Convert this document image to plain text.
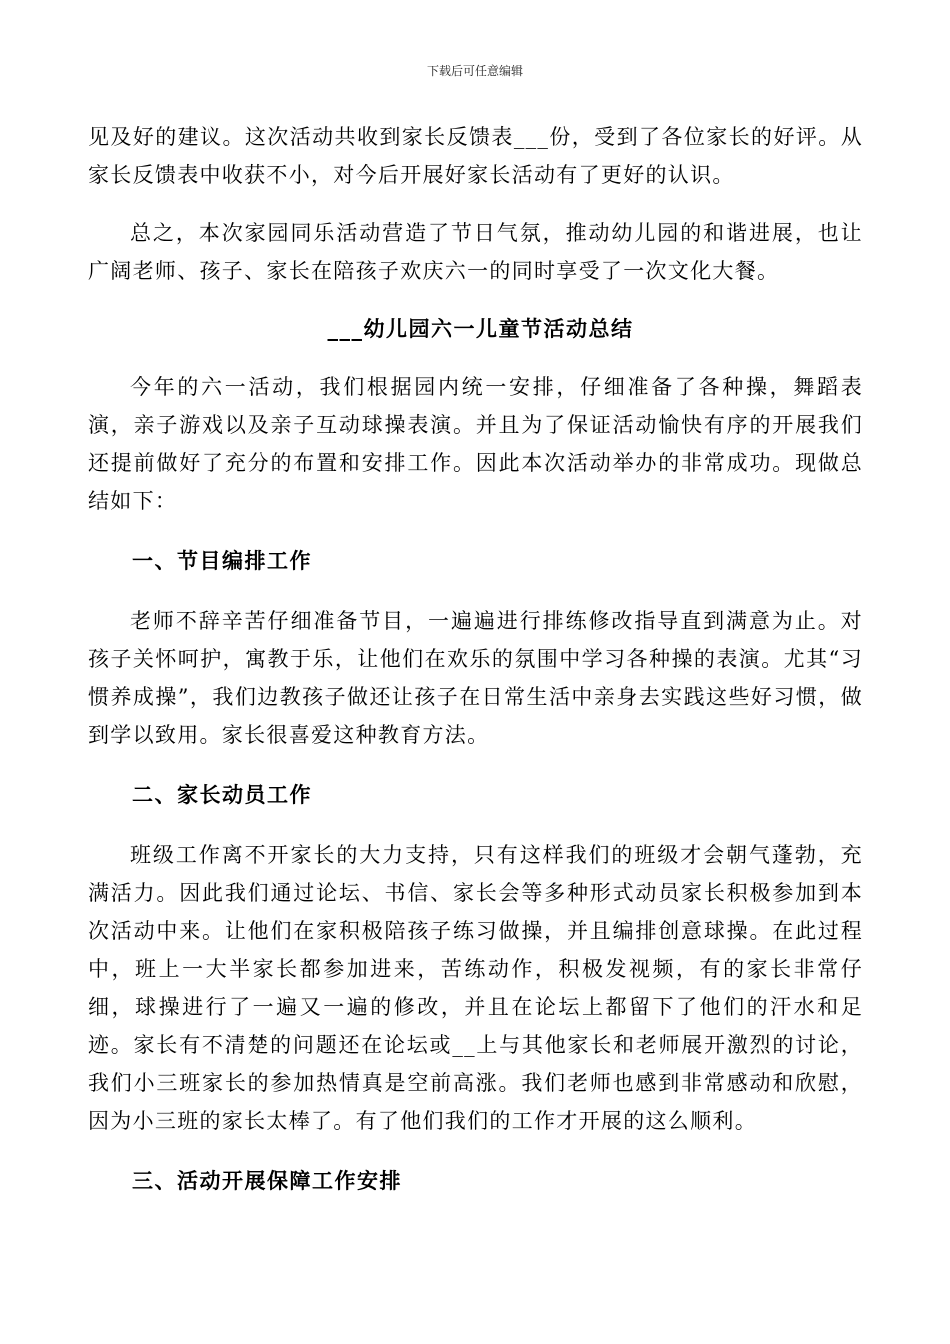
下载后可任意编辑

见及好的建议。这次活动共收到家长反馈表___份，受到了各位家长的好评。从家长反馈表中收获不小，对今后开展好家长活动有了更好的认识。

总之，本次家园同乐活动营造了节日气氛，推动幼儿园的和谐进展，也让广阔老师、孩子、家长在陪孩子欢庆六一的同时享受了一次文化大餐。

___幼儿园六一儿童节活动总结

今年的六一活动，我们根据园内统一安排，仔细准备了各种操，舞蹈表演，亲子游戏以及亲子互动球操表演。并且为了保证活动愉快有序的开展我们还提前做好了充分的布置和安排工作。因此本次活动举办的非常成功。现做总结如下：

一、节目编排工作

老师不辞辛苦仔细准备节目，一遍遍进行排练修改指导直到满意为止。对孩子关怀呵护，寓教于乐，让他们在欢乐的氛围中学习各种操的表演。尤其“习惯养成操”，我们边教孩子做还让孩子在日常生活中亲身去实践这些好习惯，做到学以致用。家长很喜爱这种教育方法。

二、家长动员工作

班级工作离不开家长的大力支持，只有这样我们的班级才会朝气蓬勃，充满活力。因此我们通过论坛、书信、家长会等多种形式动员家长积极参加到本次活动中来。让他们在家积极陪孩子练习做操，并且编排创意球操。在此过程中，班上一大半家长都参加进来，苦练动作，积极发视频，有的家长非常仔细，球操进行了一遍又一遍的修改，并且在论坛上都留下了他们的汗水和足迹。家长有不清楚的问题还在论坛或__上与其他家长和老师展开激烈的讨论，我们小三班家长的参加热情真是空前高涨。我们老师也感到非常感动和欣慰，因为小三班的家长太棒了。有了他们我们的工作才开展的这么顺利。

三、活动开展保障工作安排
